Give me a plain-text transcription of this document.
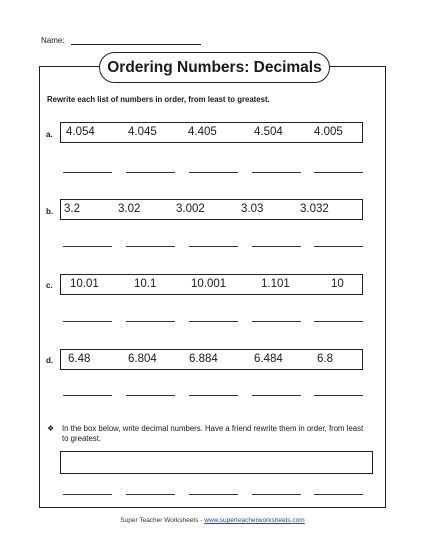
Name:
Ordering Numbers: Decimals
Rewrite each list of numbers in order, from least to greatest.
a. 4.054	4.045	4.405	4.504	4.005
b. 3.2	3.02	3.002	3.03	3.032
c. 10.01	10.1	10.001	1.101	10
d. 6.48	6.804	6.884	6.484	6.8
❖	In the box below, write decimal numbers. Have a friend rewrite them in order, from least to greatest.
Super Teacher Worksheets - www.superteacherworksheets.com
